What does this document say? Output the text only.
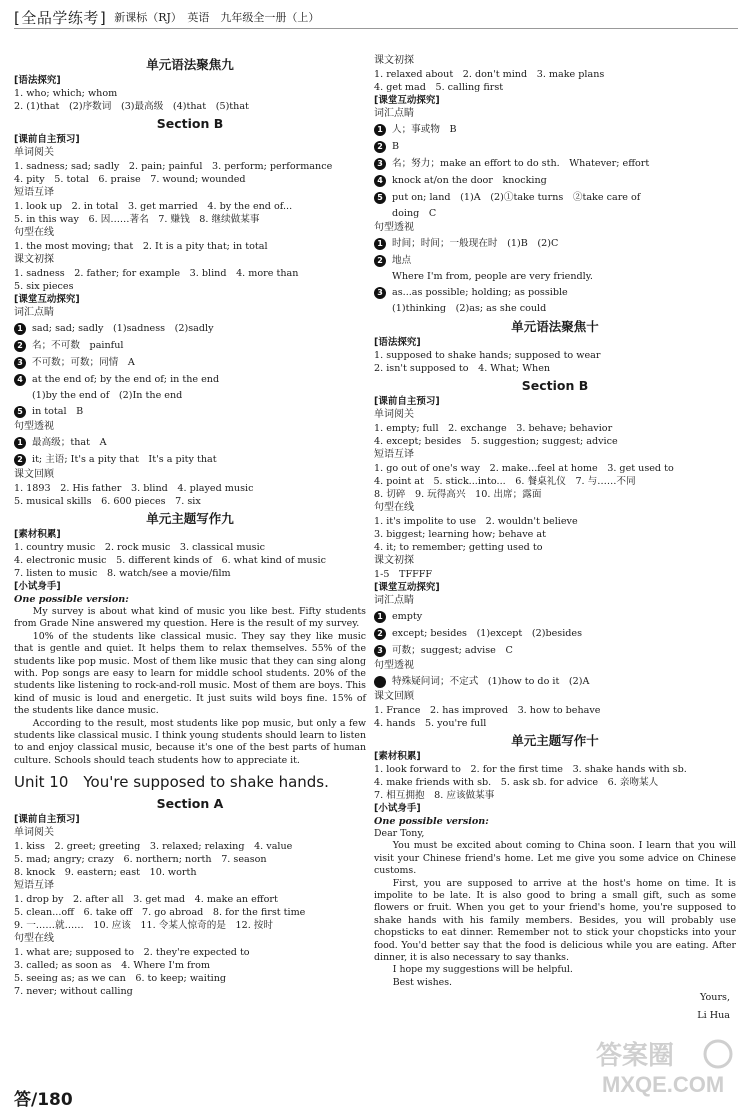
[ 全品学练考 ]	新课标（RJ）　英语　九年级全一册（上）
单元语法聚焦九
[ 语法探究 ]
1. who; which; whom
2. (1)that　(2)序数词　(3)最高级　(4)that　(5)that
Section B
[ 课前自主预习 ]
单词阅关
1. sadness; sad; sadly　2. pain; painful　3. perform; performance
4. pity　5. total　6. praise　7. wound; wounded
短语互译
1. look up　2. in total　3. get married　4. by the end of...
5. in this way　6. 因……著名　7. 赚钱　8. 继续做某事
句型在线
1. the most moving; that　2. It is a pity that; in total
课文初探
1. sadness　2. father; for example　3. blind　4. more than
5. six pieces
[ 课堂互动探究 ]
词汇点睛
1 sad; sad; sadly　(1)sadness　(2)sadly
2 名；不可数　painful
3 不可数；可数；同情　A
4 at the end of; by the end of; in the end
(1)by the end of　(2)In the end
5 in total　B
句型透视
1 最高级；that　A
2 it; 主语; It's a pity that　It's a pity that
课文回顾
1. 1893　2. His father　3. blind　4. played music
5. musical skills　6. 600 pieces　7. six
单元主题写作九
[ 素材积累 ]
1. country music　2. rock music　3. classical music
4. electronic music　5. different kinds of　6. what kind of music
7. listen to music　8. watch/see a movie/film
[ 小试身手 ]
One possible version:
My survey is about what kind of music you like best. Fifty students from Grade Nine answered my question. Here is the result of my survey.
10% of the students like classical music. They say they like music that is gentle and quiet. It helps them to relax themselves. 55% of the students like pop music. Most of them like music that they can sing along with. Pop songs are easy to learn for middle school students. 20% of the students like listening to rock-and-roll music. Most of them are boys. This kind of music is loud and energetic. It just suits wild boys fine. 15% of the students like dance music.
According to the result, most students like pop music, but only a few students like classical music. I think young students should learn to listen to and enjoy classical music, because it's one of the best parts of human culture. Schools should teach students how to appreciate it.
Unit 10　You're supposed to shake hands.
Section A
[ 课前自主预习 ]
单词阅关
1. kiss　2. greet; greeting　3. relaxed; relaxing　4. value
5. mad; angry; crazy　6. northern; north　7. season
8. knock　9. eastern; east　10. worth
短语互译
1. drop by　2. after all　3. get mad　4. make an effort
5. clean...off　6. take off　7. go abroad　8. for the first time
9. 一……就……　10. 应该　11. 令某人惊奇的是　12. 按时
句型在线
1. what are; supposed to　2. they're expected to
3. called; as soon as　4. Where I'm from
5. seeing as; as we can　6. to keep; waiting
7. never; without calling
课文初探
1. relaxed about　2. don't mind　3. make plans
4. get mad　5. calling first
[ 课堂互动探究 ]
词汇点睛
1 人；事或物　B
2 B
3 名；努力；make an effort to do sth.　Whatever; effort
4 knock at/on the door　knocking
5 put on; land　(1)A　(2)①take turns　②take care of
doing　C
句型透视
1 时间；时间；一般现在时　(1)B　(2)C
2 地点
Where I'm from, people are very friendly.
3 as...as possible; holding; as possible
(1)thinking　(2)as; as she could
单元语法聚焦十
[ 语法探究 ]
1. supposed to shake hands; supposed to wear
2. isn't supposed to　4. What; When
Section B
[ 课前自主预习 ]
单词阅关
1. empty; full　2. exchange　3. behave; behavior
4. except; besides　5. suggestion; suggest; advice
短语互译
1. go out of one's way　2. make...feel at home　3. get used to
4. point at　5. stick...into...　6. 餐桌礼仪　7. 与……不同
8. 切碎　9. 玩得高兴　10. 出席；露面
句型在线
1. it's impolite to use　2. wouldn't believe
3. biggest; learning how; behave at
4. it; to remember; getting used to
课文初探
1-5　TFFFF
[ 课堂互动探究 ]
词汇点睛
1 empty
2 except; besides　(1)except　(2)besides
3 可数；suggest; advise　C
句型透视
特殊疑问词；不定式　(1)how to do it　(2)A
课文回顾
1. France　2. has improved　3. how to behave
4. hands　5. you're full
单元主题写作十
[ 素材积累 ]
1. look forward to　2. for the first time　3. shake hands with sb.
4. make friends with sb.　5. ask sb. for advice　6. 亲吻某人
7. 相互拥抱　8. 应该做某事
[ 小试身手 ]
One possible version:
Dear Tony,
You must be excited about coming to China soon. I learn that you will visit your Chinese friend's home. Let me give you some advice on Chinese customs.
First, you are supposed to arrive at the host's home on time. It is impolite to be late. It is also good to bring a small gift, such as some flowers or fruit. When you get to your friend's home, you're supposed to shake hands with his family members. Besides, you will probably use chopsticks to eat dinner. Remember not to stick your chopsticks into your food. You'd better say that the food is delicious while you are eating. After dinner, it is also necessary to say thanks.
I hope my suggestions will be helpful.
Best wishes.
Yours,
Li Hua
答/180
答案圈
MXQE.COM
